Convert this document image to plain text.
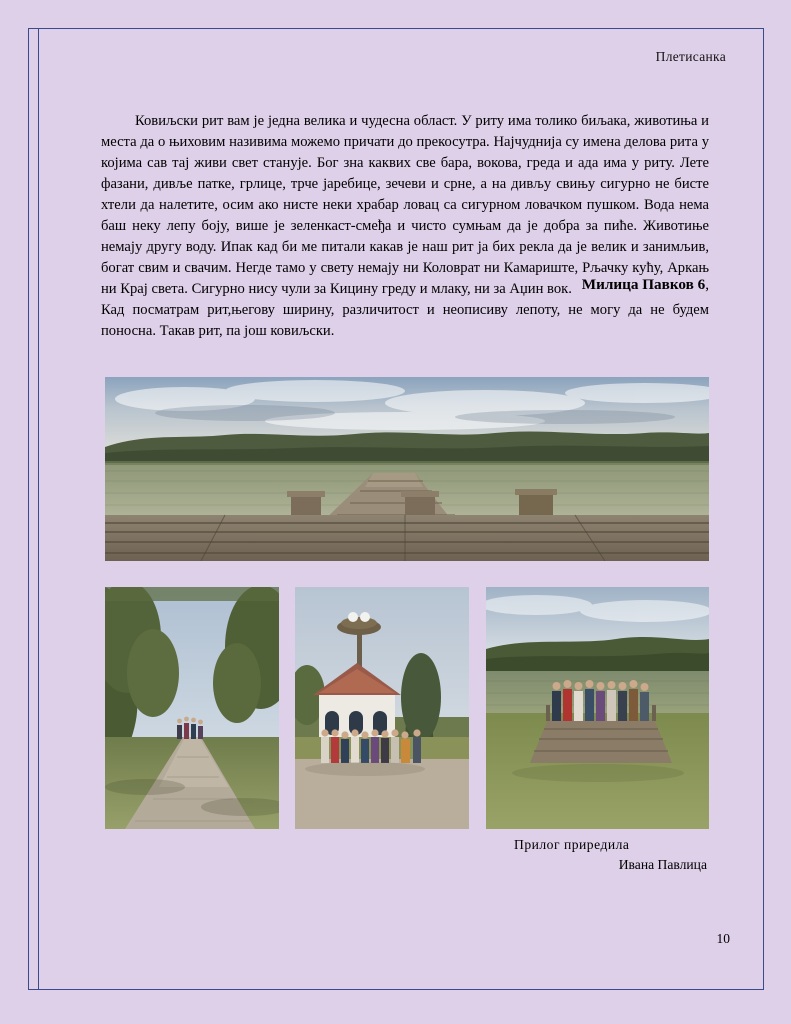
Плетисанка

Ковиљски рит вам је једна велика и чудесна област. У риту има толико биљака, животиња и места да о њиховим називима можемо причати до прекосутра. Најчуднија су имена делова рита у којима сав тај живи свет станује. Бог зна каквих све бара, вокова, греда и ада има у риту. Лете фазани, дивље патке, грлице, трче јаребице, зечеви и срне, а на дивљу свињу сигурно не бисте хтели да налетите, осим ако нисте неки храбар ловац са сигурном ловачком пушком. Вода нема баш неку лепу боју, више је зеленкаст-смеђа и чисто сумњам да је добра за пиће. Животиње немају другу воду. Ипак кад би ме питали какав је наш рит ја бих рекла да је велик и занимљив, богат свим и свачим. Негде тамо у свету немају ни Коловрат ни Камариште, Рљачку кућу, Аркањ ни Крај света. Сигурно нису чули за Кицину греду и млаку, ни за Аџин вок.

Кад посматрам рит,његову ширину, различитост и неописиву лепоту, не могу да не будем поносна. Такав рит, па још ковиљски.

Милица Павков 6,
Прилог приредила
Ивана Павлица
10
